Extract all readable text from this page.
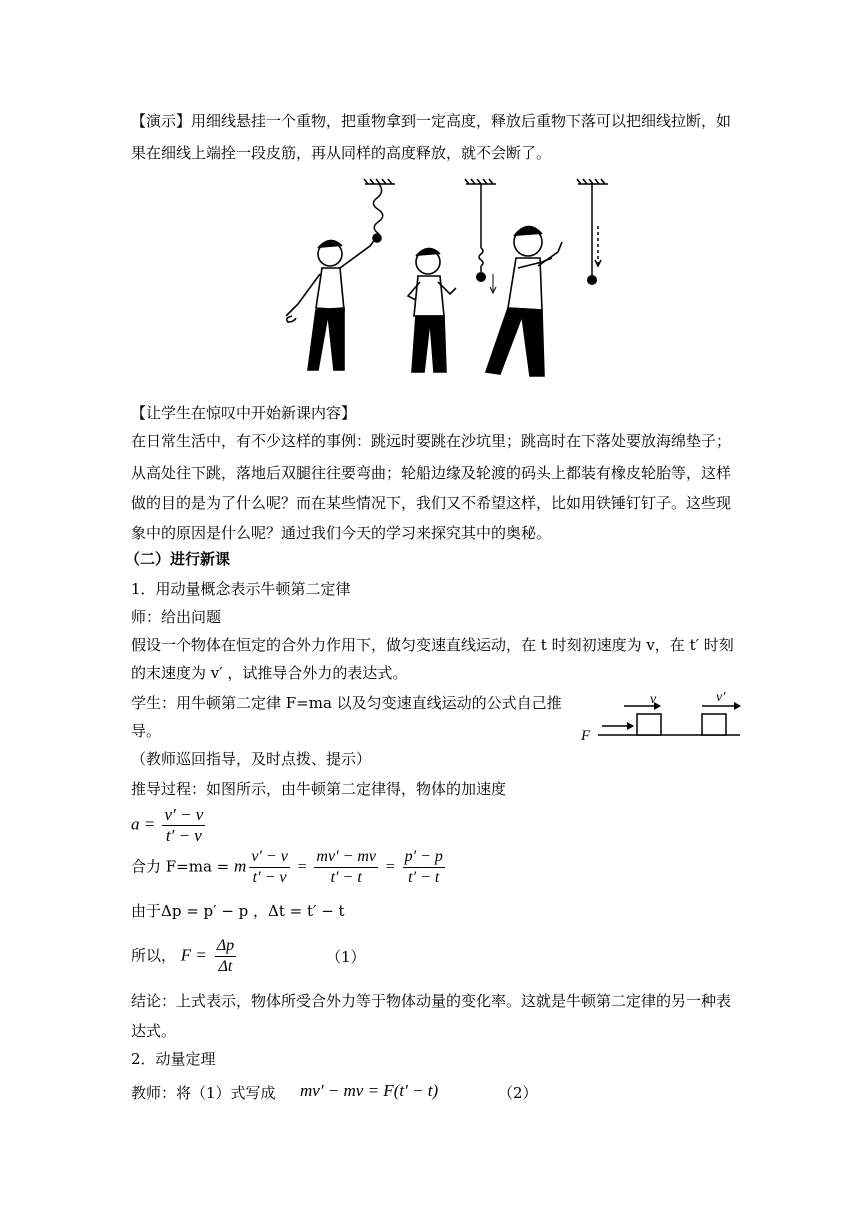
【演示】用细线悬挂一个重物，把重物拿到一定高度，释放后重物下落可以把细线拉断，如
果在细线上端拴一段皮筋，再从同样的高度释放，就不会断了。
【让学生在惊叹中开始新课内容】
在日常生活中，有不少这样的事例：跳远时要跳在沙坑里；跳高时在下落处要放海绵垫子；
从高处往下跳，落地后双腿往往要弯曲；轮船边缘及轮渡的码头上都装有橡皮轮胎等，这样
做的目的是为了什么呢？而在某些情况下，我们又不希望这样，比如用铁锤钉钉子。这些现
象中的原因是什么呢？通过我们今天的学习来探究其中的奥秘。
（二）进行新课
1．用动量概念表示牛顿第二定律
师：给出问题
假设一个物体在恒定的合外力作用下，做匀变速直线运动，在 t 时刻初速度为 v，在 t′ 时刻
的末速度为 v′ ，试推导合外力的表达式。
学生：用牛顿第二定律 F=ma 以及匀变速直线运动的公式自己推
导。
（教师巡回指导，及时点拨、提示）
推导过程：如图所示，由牛顿第二定律得，物体的加速度
v	v′
F
$a = \frac{v' - v}{t' - v}$
合力 F=ma = m $\frac{v' - v}{t' - v} = \frac{mv' - mv}{t' - t} = \frac{p' - p}{t' - t}$
由于Δp = p′ − p ，Δt = t′ − t
所以， $F = \frac{\Delta p}{\Delta t}$	（1）
结论：上式表示，物体所受合外力等于物体动量的变化率。这就是牛顿第二定律的另一种表
达式。
2．动量定理
教师：将（1）式写成 mv′ − mv = F(t′ − t)	（2）
